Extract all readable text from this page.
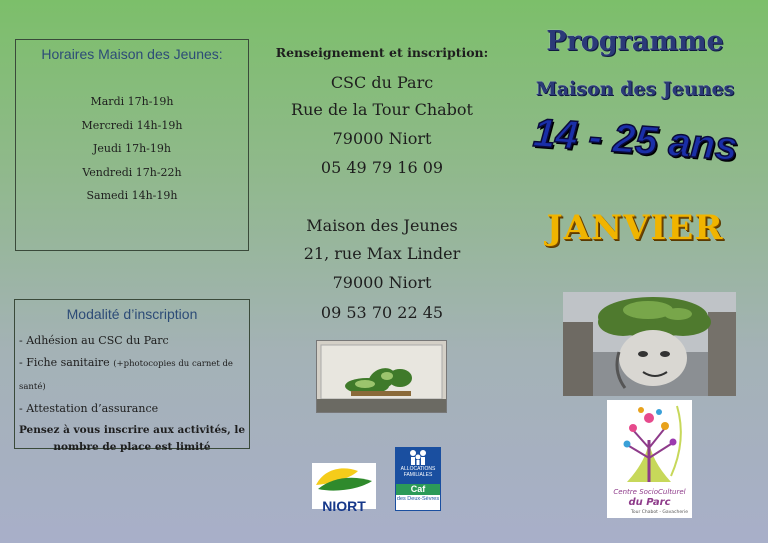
Horaires Maison des Jeunes:
Mardi 17h-19h
Mercredi 14h-19h
Jeudi 17h-19h
Vendredi 17h-22h
Samedi 14h-19h
Modalité d’inscription
- Adhésion au CSC du Parc
- Fiche sanitaire (+photocopies du carnet de santé)
- Attestation d’assurance
Pensez à vous inscrire aux activités, le nombre de place est limité
Renseignement et inscription:
CSC du Parc
Rue de la Tour Chabot
79000 Niort
05 49 79 16 09
Maison des Jeunes
21, rue Max Linder
79000 Niort
09 53 70 22 45
NIORT
ALLOCATIONS FAMILIALES
Caf
des Deux-Sèvres
Programme
Maison des Jeunes
14 - 25 ans
JANVIER
Centre SocioCulturel
du Parc
Tour Chabot - Gavacherie
